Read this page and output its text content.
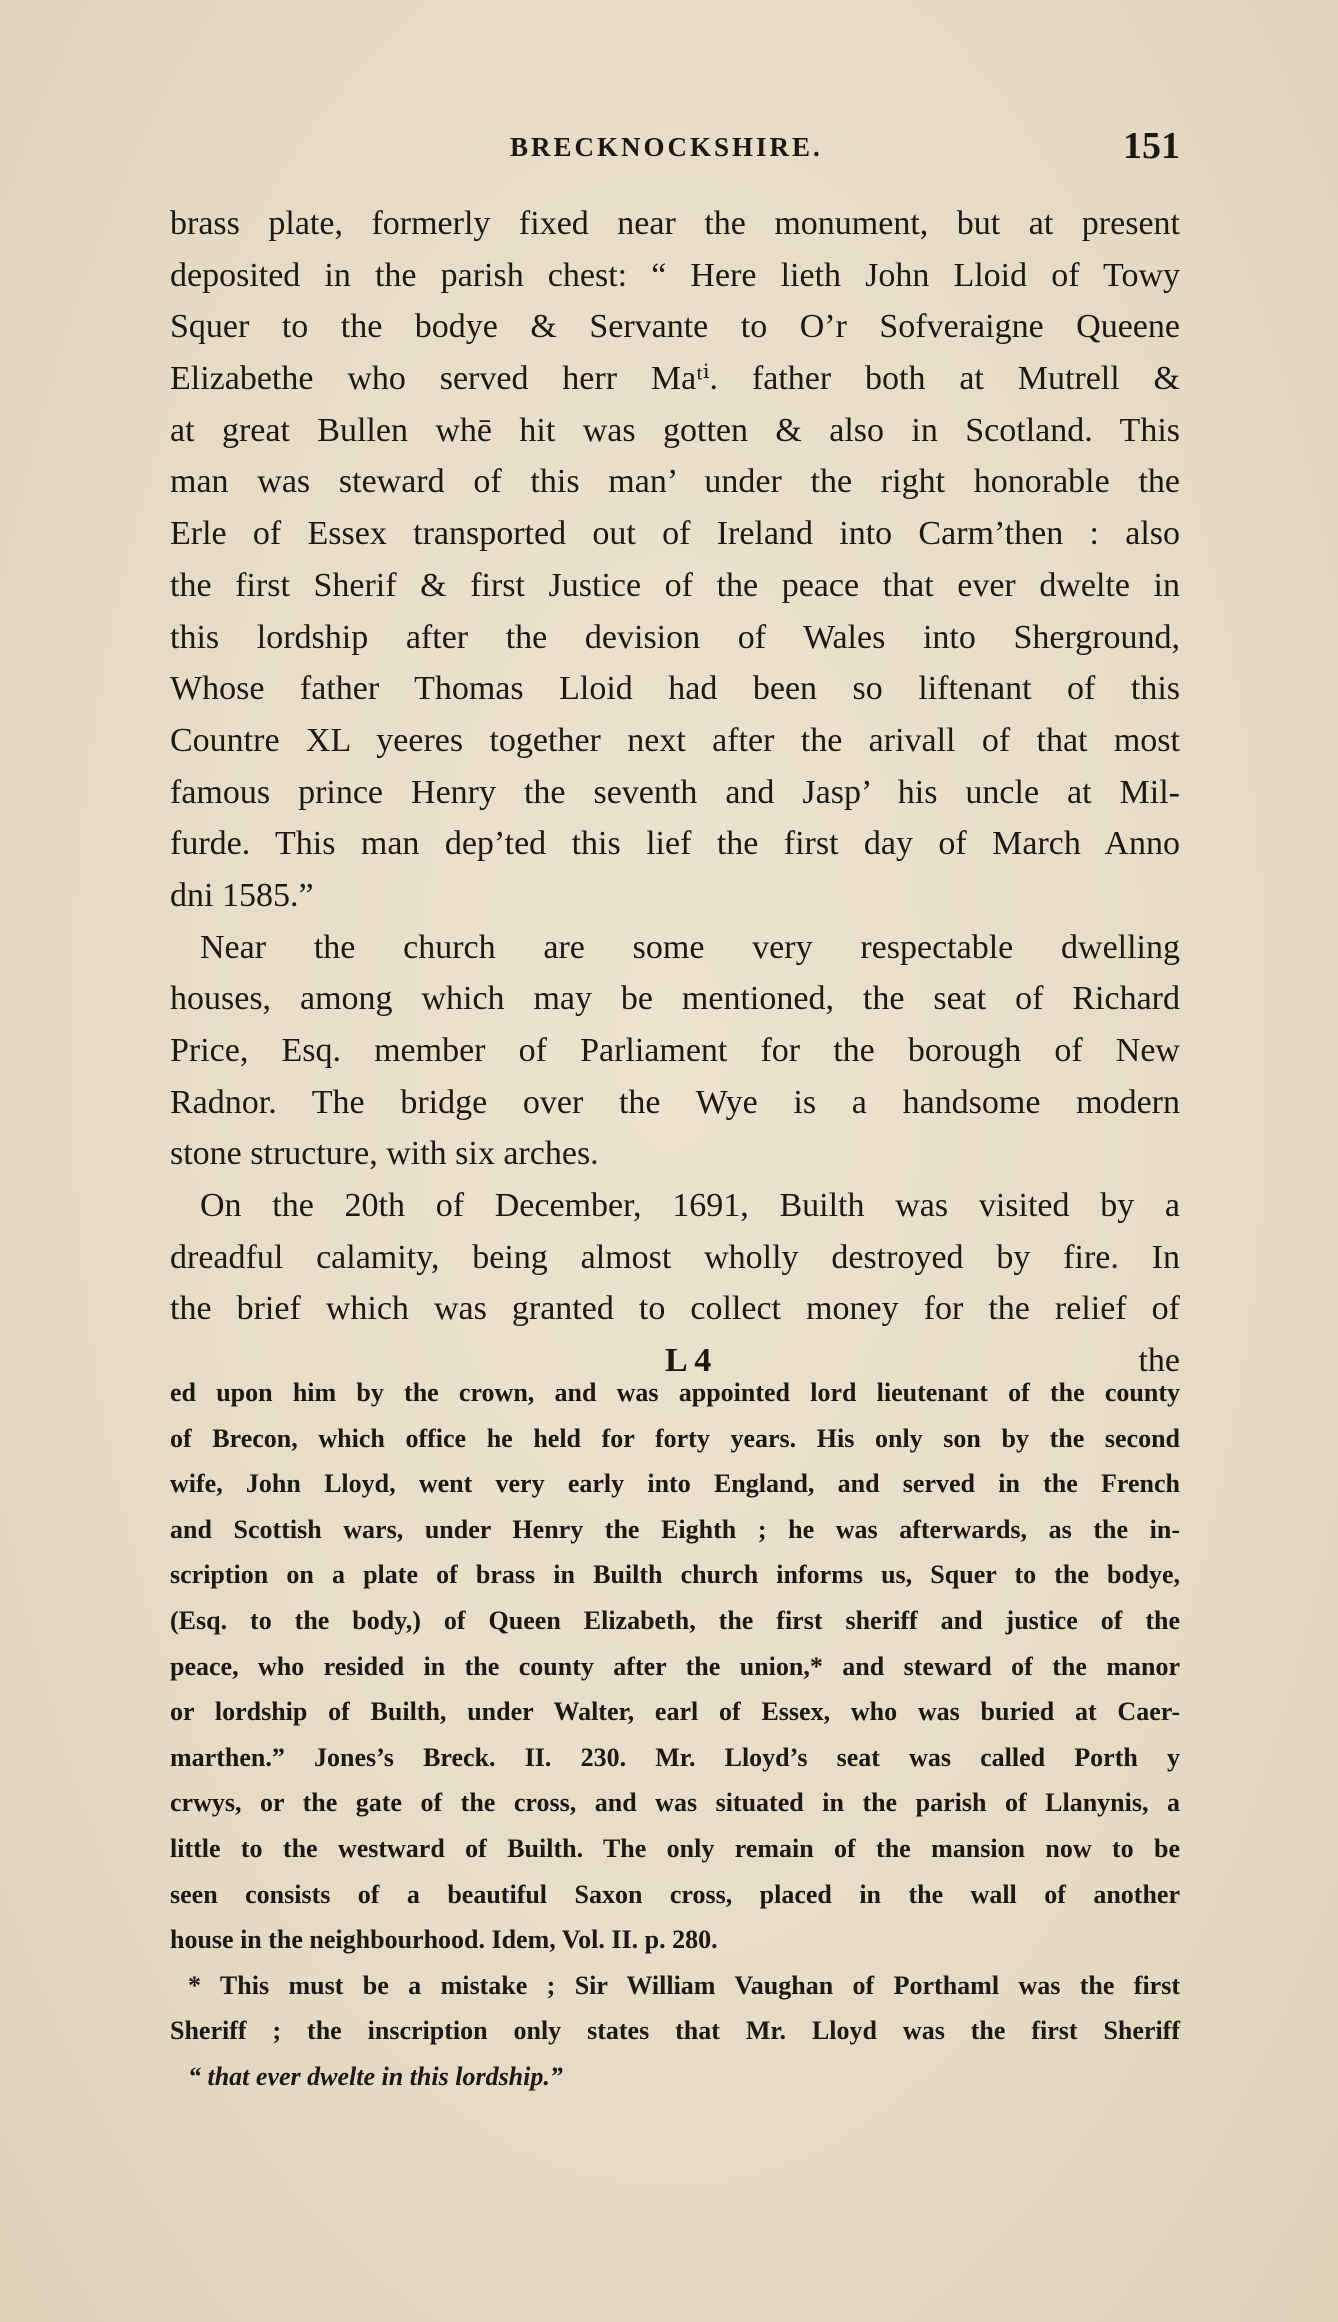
BRECKNOCKSHIRE.	151
brass plate, formerly fixed near the monument, but at present
deposited in the parish chest: “ Here lieth John Lloid of Towy
Squer to the bodye & Servante to O’r Sofveraigne Queene
Elizabethe who served herr Maᵗⁱ. father both at Mutrell &
at great Bullen whē hit was gotten & also in Scotland. This
man was steward of this man’ under the right honorable the
Erle of Essex transported out of Ireland into Carm’then : also
the first Sherif & first Justice of the peace that ever dwelte in
this lordship after the devision of Wales into Sherground,
Whose father Thomas Lloid had been so liftenant of this
Countre XL yeeres together next after the arivall of that most
famous prince Henry the seventh and Jasp’ his uncle at Mil-
furde. This man dep’ted this lief the first day of March Anno
dni 1585.”
Near the church are some very respectable dwelling
houses, among which may be mentioned, the seat of Richard
Price, Esq. member of Parliament for the borough of New
Radnor. The bridge over the Wye is a handsome modern
stone structure, with six arches.
On the 20th of December, 1691, Builth was visited by a
dreadful calamity, being almost wholly destroyed by fire. In
the brief which was granted to collect money for the relief of
L 4	the
ed upon him by the crown, and was appointed lord lieutenant of the county
of Brecon, which office he held for forty years. His only son by the second
wife, John Lloyd, went very early into England, and served in the French
and Scottish wars, under Henry the Eighth ; he was afterwards, as the in-
scription on a plate of brass in Builth church informs us, Squer to the bodye,
(Esq. to the body,) of Queen Elizabeth, the first sheriff and justice of the
peace, who resided in the county after the union,* and steward of the manor
or lordship of Builth, under Walter, earl of Essex, who was buried at Caer-
marthen.” Jones’s Breck. II. 230. Mr. Lloyd’s seat was called Porth y
crwys, or the gate of the cross, and was situated in the parish of Llanynis, a
little to the westward of Builth. The only remain of the mansion now to be
seen consists of a beautiful Saxon cross, placed in the wall of another
house in the neighbourhood. Idem, Vol. II. p. 280.
* This must be a mistake ; Sir William Vaughan of Porthaml was the first
Sheriff ; the inscription only states that Mr. Lloyd was the first Sheriff
“ that ever dwelte in this lordship.”
